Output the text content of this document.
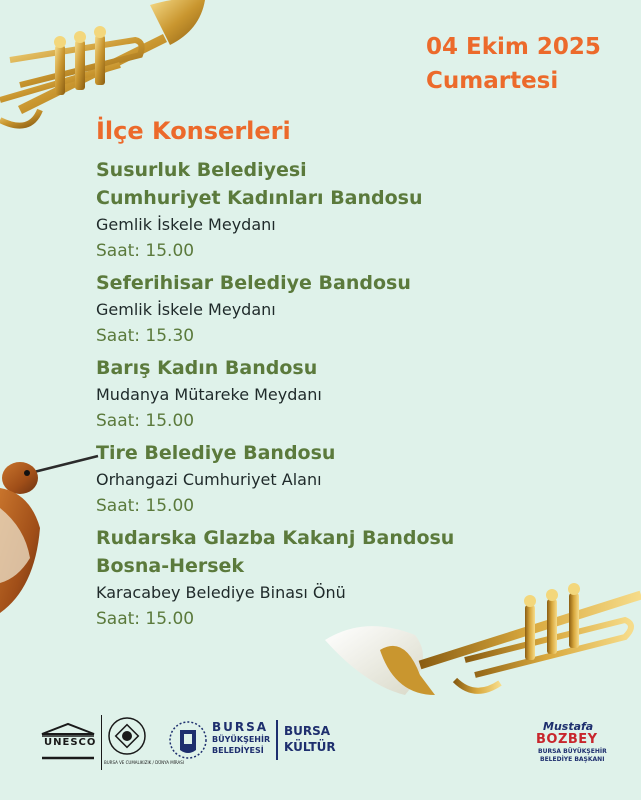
04 Ekim 2025
Cumartesi
İlçe Konserleri
Susurluk Belediyesi
Cumhuriyet Kadınları Bandosu
Gemlik İskele Meydanı
Saat: 15.00
Seferihisar Belediye Bandosu
Gemlik İskele Meydanı
Saat: 15.30
Barış Kadın Bandosu
Mudanya Mütareke Meydanı
Saat: 15.00
Tire Belediye Bandosu
Orhangazi Cumhuriyet Alanı
Saat: 15.00
Rudarska Glazba Kakanj Bandosu
Bosna-Hersek
Karacabey Belediye Binası Önü
Saat: 15.00
UNESCO
BURSA VE CUMALIKIZIK / DÜNYA MİRASI
BURSA
BÜYÜKŞEHİR
BELEDİYESİ
BURSA
KÜLTÜR
Mustafa
BOZBEY
BURSA BÜYÜKŞEHİR
BELEDİYE BAŞKANI
